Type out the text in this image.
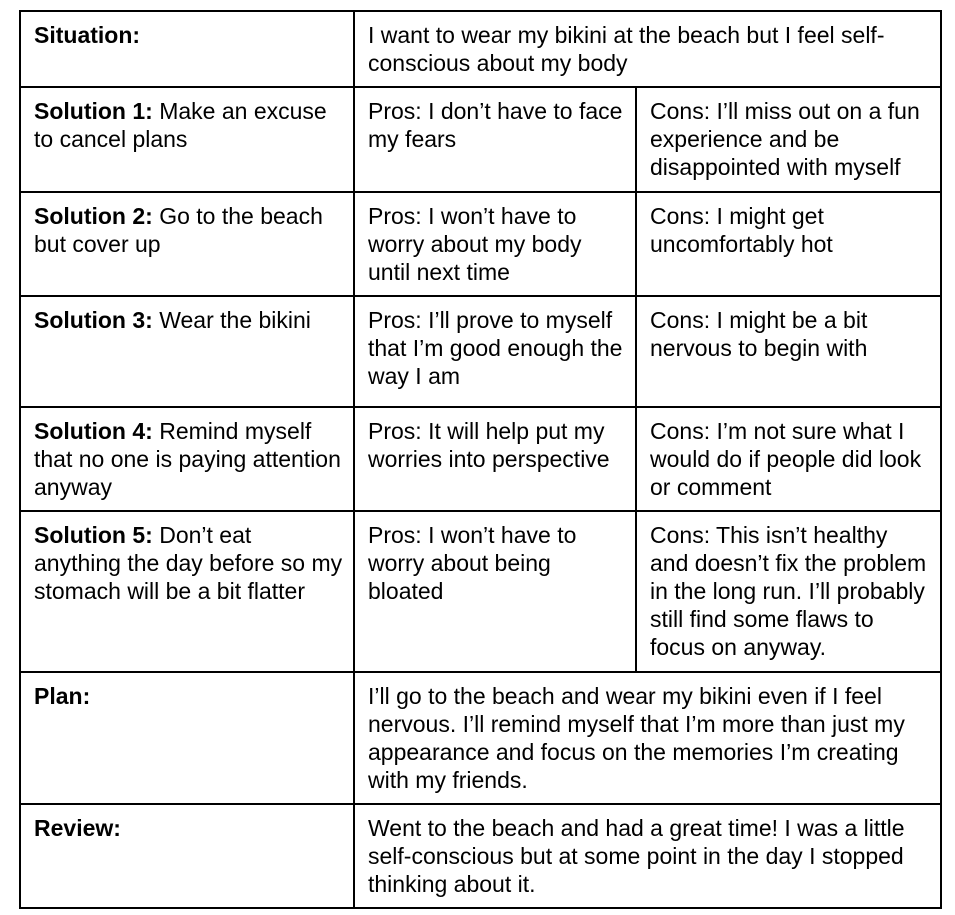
Situation:	I want to wear my bikini at the beach but I feel self-conscious about my body	
Solution 1: Make an excuse to cancel plans	Pros: I don’t have to face my fears	Cons: I’ll miss out on a fun experience and be disappointed with myself
Solution 2: Go to the beach but cover up	Pros: I won’t have to worry about my body until next time	Cons: I might get uncomfortably hot
Solution 3: Wear the bikini	Pros: I’ll prove to myself that I’m good enough the way I am	Cons: I might be a bit nervous to begin with
Solution 4: Remind myself that no one is paying attention anyway	Pros: It will help put my worries into perspective	Cons: I’m not sure what I would do if people did look or comment
Solution 5: Don’t eat anything the day before so my stomach will be a bit flatter	Pros: I won’t have to worry about being bloated	Cons: This isn’t healthy and doesn’t fix the problem in the long run. I’ll probably still find some flaws to focus on anyway.
Plan:	I’ll go to the beach and wear my bikini even if I feel nervous. I’ll remind myself that I’m more than just my appearance and focus on the memories I’m creating with my friends.	
Review:	Went to the beach and had a great time! I was a little self-conscious but at some point in the day I stopped thinking about it.	
